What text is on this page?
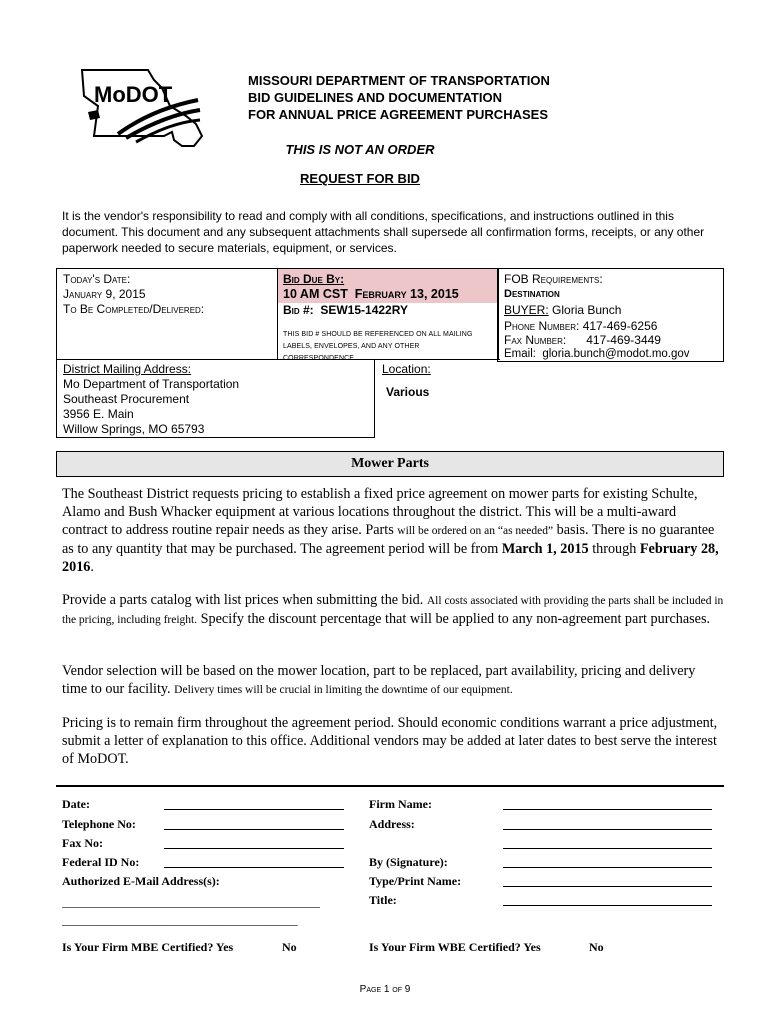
MoDOT
MISSOURI DEPARTMENT OF TRANSPORTATION
BID GUIDELINES AND DOCUMENTATION
FOR ANNUAL PRICE AGREEMENT PURCHASES
THIS IS NOT AN ORDER
REQUEST FOR BID
It is the vendor's responsibility to read and comply with all conditions, specifications, and instructions outlined in this document. This document and any subsequent attachments shall supersede all confirmation forms, receipts, or any other paperwork needed to secure materials, equipment, or services.
Today's Date:
January 9, 2015
To Be Completed/Delivered:
Bid Due By:
10 AM CST February 13, 2015
Bid #: SEW15-1422RY
THIS BID # SHOULD BE REFERENCED ON ALL MAILING
LABELS, ENVELOPES, AND ANY OTHER
CORRESPONDENCE
FOB Requirements:
Destination
BUYER: Gloria Bunch
Phone Number: 417-469-6256
Fax Number: 417-469-3449
Email: gloria.bunch@modot.mo.gov
District Mailing Address:
Mo Department of Transportation
Southeast Procurement
3956 E. Main
Willow Springs, MO 65793
Location:
Various
Mower Parts
The Southeast District requests pricing to establish a fixed price agreement on mower parts for existing Schulte, Alamo and Bush Whacker equipment at various locations throughout the district. This will be a multi-award contract to address routine repair needs as they arise. Parts will be ordered on an “as needed” basis. There is no guarantee as to any quantity that may be purchased. The agreement period will be from March 1, 2015 through February 28, 2016.
Provide a parts catalog with list prices when submitting the bid. All costs associated with providing the parts shall be included in the pricing, including freight. Specify the discount percentage that will be applied to any non-agreement part purchases.
Vendor selection will be based on the mower location, part to be replaced, part availability, pricing and delivery time to our facility. Delivery times will be crucial in limiting the downtime of our equipment.
Pricing is to remain firm throughout the agreement period. Should economic conditions warrant a price adjustment, submit a letter of explanation to this office. Additional vendors may be added at later dates to best serve the interest of MoDOT.
Date:
Telephone No:
Fax No:
Federal ID No:
Authorized E-Mail Address(s):
______________________________________________
__________________________________________
Firm Name:
Address:
By (Signature):
Type/Print Name:
Title:
Is Your Firm MBE Certified? Yes	No	Is Your Firm WBE Certified? Yes	No
Page 1 of 9
